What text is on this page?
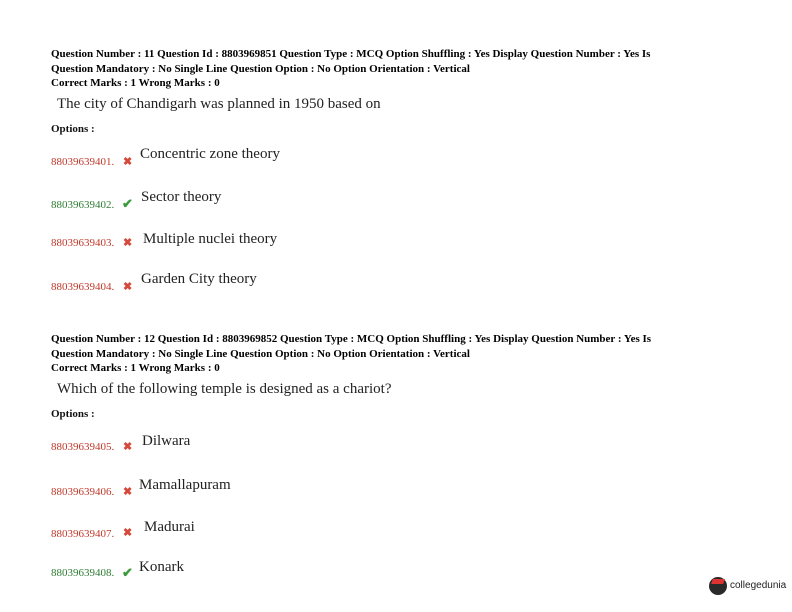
Question Number : 11 Question Id : 8803969851 Question Type : MCQ Option Shuffling : Yes Display Question Number : Yes Is
Question Mandatory : No Single Line Question Option : No Option Orientation : Vertical
Correct Marks : 1 Wrong Marks : 0
The city of Chandigarh was planned in 1950 based on
Options :
88039639401. ✖ Concentric zone theory
88039639402. ✔ Sector theory
88039639403. ✖ Multiple nuclei theory
88039639404. ✖ Garden City theory
Question Number : 12 Question Id : 8803969852 Question Type : MCQ Option Shuffling : Yes Display Question Number : Yes Is
Question Mandatory : No Single Line Question Option : No Option Orientation : Vertical
Correct Marks : 1 Wrong Marks : 0
Which of the following temple is designed as a chariot?
Options :
88039639405. ✖ Dilwara
88039639406. ✖ Mamallapuram
88039639407. ✖ Madurai
88039639408. ✔ Konark
collegedunia
